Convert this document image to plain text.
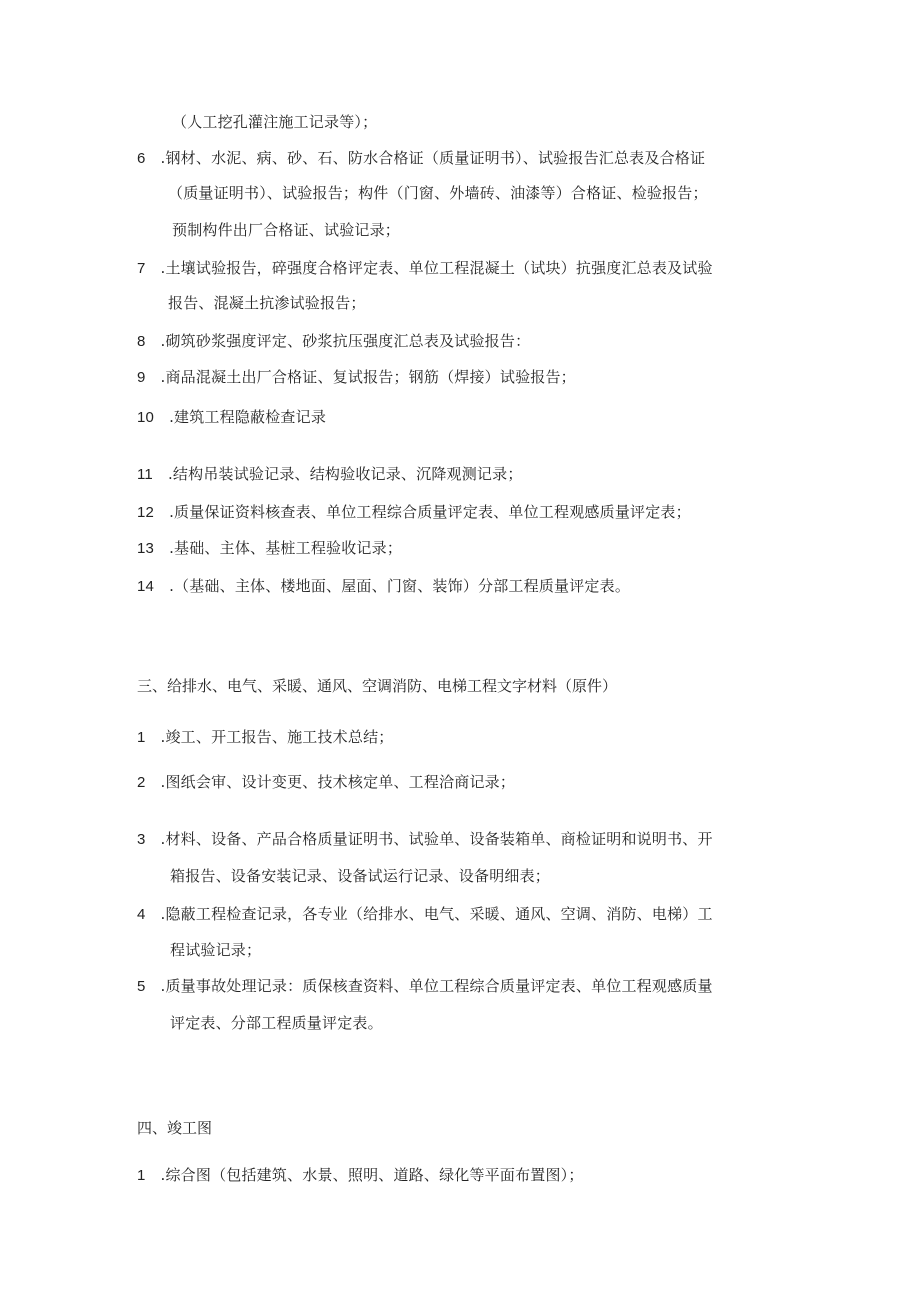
（人工挖孔灌注施工记录等）；
6 .钢材、水泥、病、砂、石、防水合格证（质量证明书）、试验报告汇总表及合格证
（质量证明书）、试验报告；构件（门窗、外墙砖、油漆等）合格证、检验报告；
预制构件出厂合格证、试验记录；
7 .土壤试验报告，碎强度合格评定表、单位工程混凝土（试块）抗强度汇总表及试验
报告、混凝土抗渗试验报告；
8 .砌筑砂浆强度评定、砂浆抗压强度汇总表及试验报告：
9 .商品混凝土出厂合格证、复试报告；钢筋（焊接）试验报告；
10 .建筑工程隐蔽检查记录
11 .结构吊装试验记录、结构验收记录、沉降观测记录；
12 .质量保证资料核查表、单位工程综合质量评定表、单位工程观感质量评定表；
13 .基础、主体、基桩工程验收记录；
14 .（基础、主体、楼地面、屋面、门窗、装饰）分部工程质量评定表。
三、给排水、电气、采暖、通风、空调消防、电梯工程文字材料（原件）
1 .竣工、开工报告、施工技术总结；
2 .图纸会审、设计变更、技术核定单、工程洽商记录；
3 .材料、设备、产品合格质量证明书、试验单、设备装箱单、商检证明和说明书、开
箱报告、设备安装记录、设备试运行记录、设备明细表；
4 .隐蔽工程检查记录，各专业（给排水、电气、采暖、通风、空调、消防、电梯）工
程试验记录；
5 .质量事故处理记录：质保核查资料、单位工程综合质量评定表、单位工程观感质量
评定表、分部工程质量评定表。
四、竣工图
1 .综合图（包括建筑、水景、照明、道路、绿化等平面布置图）；
